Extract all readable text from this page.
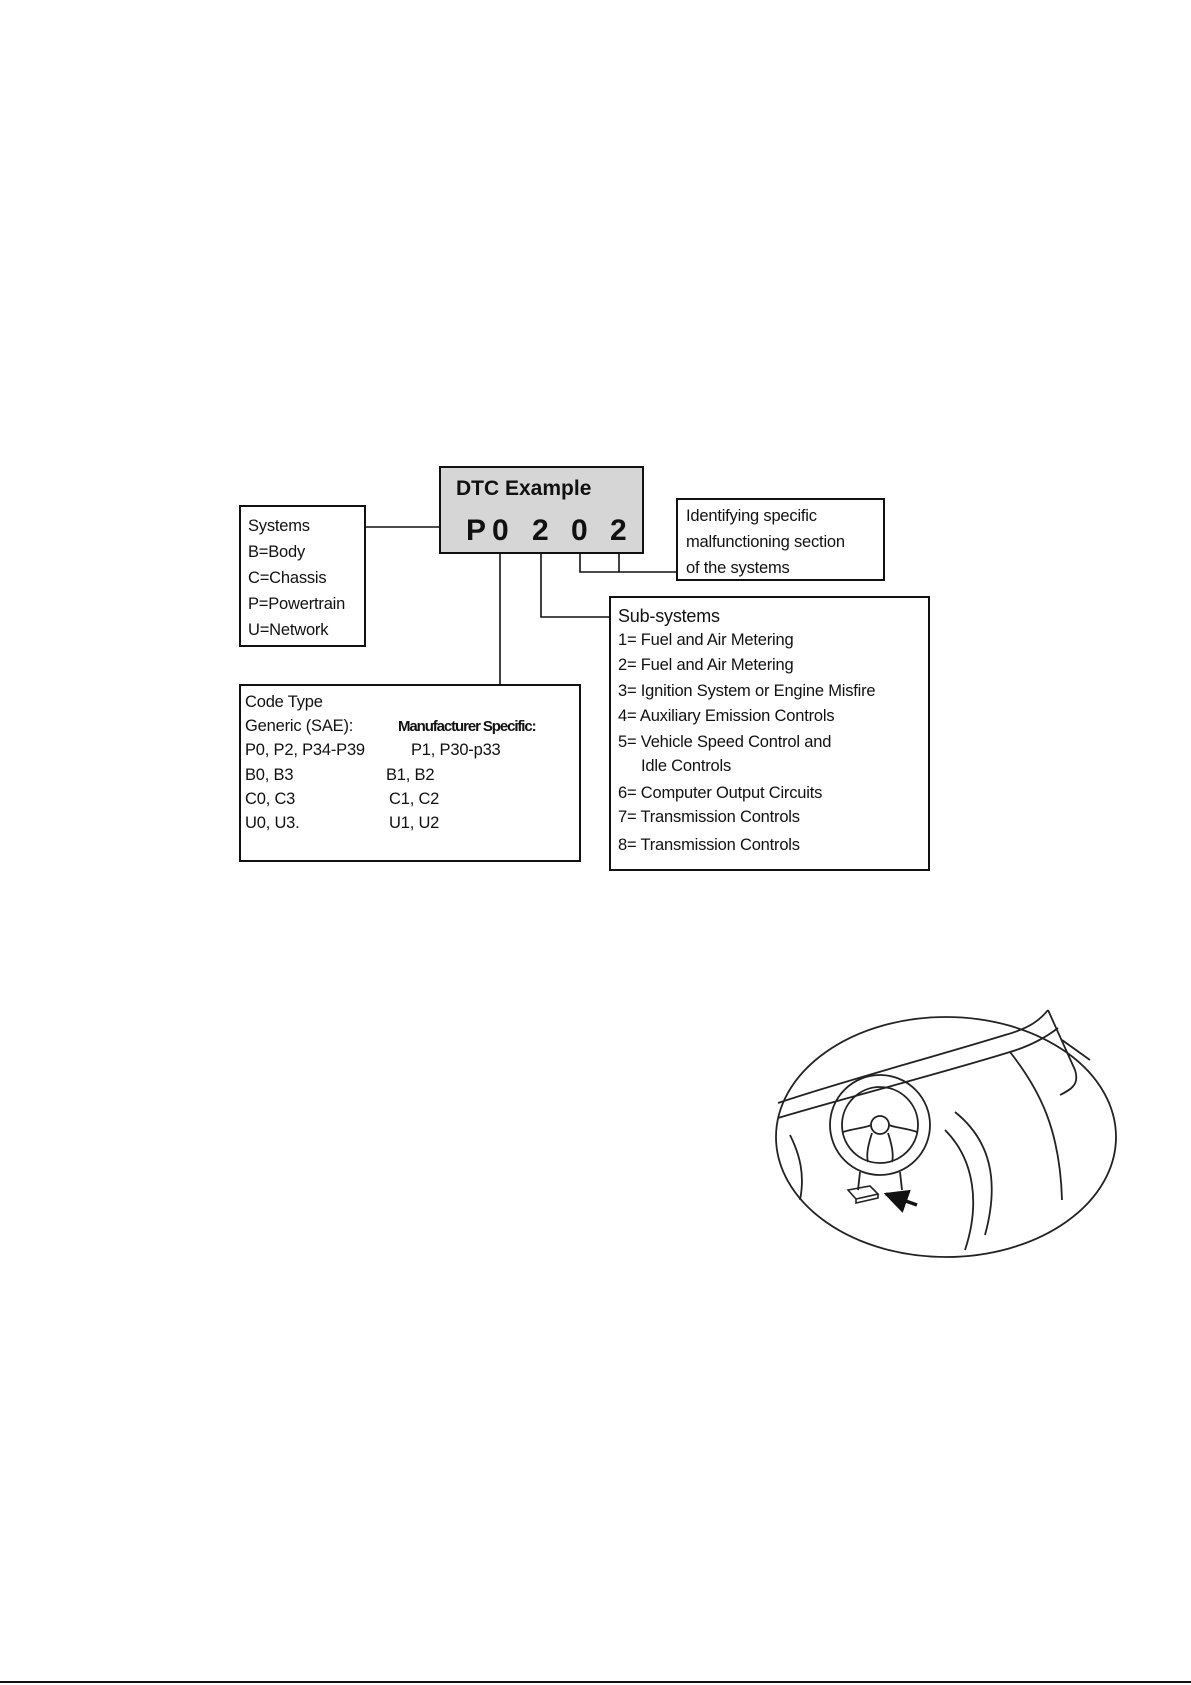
DTC Example
P 0 2 0 2
Systems
B=Body
C=Chassis
P=Powertrain
U=Network
Identifying specific
malfunctioning section
of the systems
Sub-systems
1= Fuel and Air Metering
2= Fuel and Air Metering
3= Ignition System or Engine Misfire
4= Auxiliary Emission Controls
5= Vehicle Speed Control and
Idle Controls
6= Computer Output Circuits
7= Transmission Controls
8= Transmission Controls
Code Type
Generic (SAE):	Manufacturer Specific:
P0, P2, P34-P39	P1, P30-p33
B0, B3	B1, B2
C0, C3	C1, C2
U0, U3.	U1, U2
